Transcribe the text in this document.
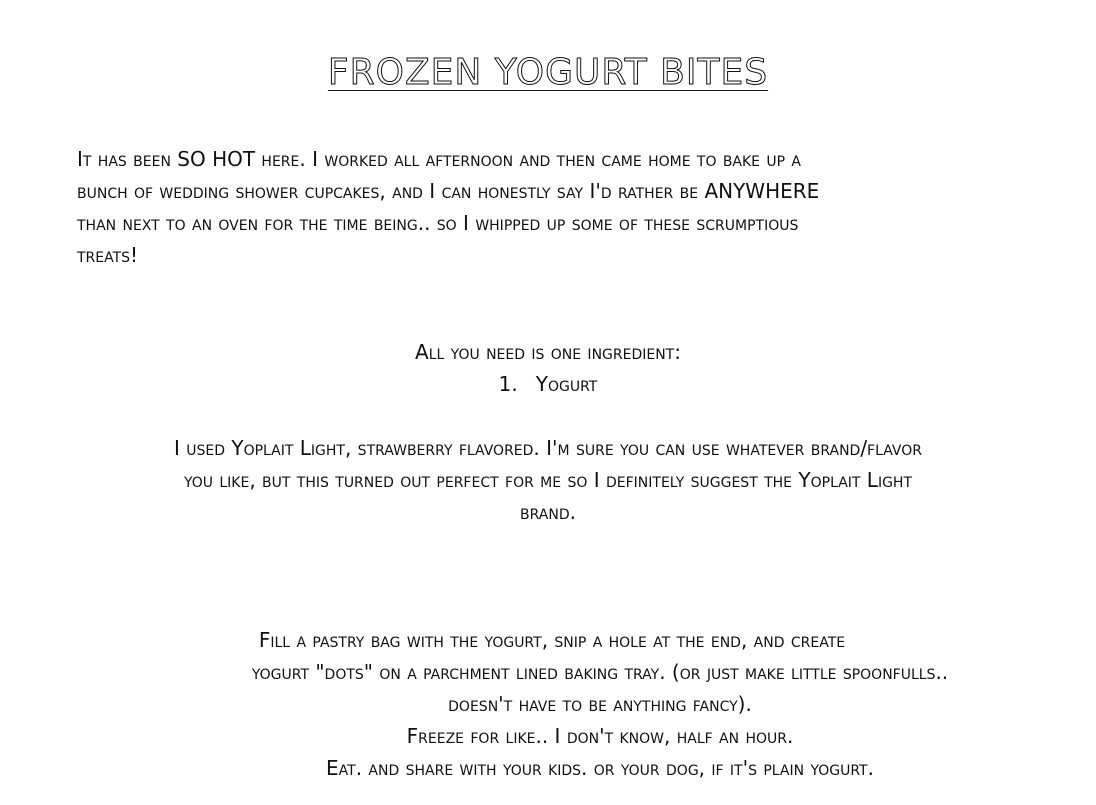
FROZEN YOGURT BITES
It has been SO HOT here. I worked all afternoon and then came home to bake up a
bunch of wedding shower cupcakes, and I can honestly say I'd rather be ANYWHERE
than next to an oven for the time being.. so I whipped up some of these scrumptious
treats!
All you need is one ingredient:
1. Yogurt
I used Yoplait Light, strawberry flavored. I'm sure you can use whatever brand/flavor
you like, but this turned out perfect for me so I definitely suggest the Yoplait Light
brand.
Fill a pastry bag with the yogurt, snip a hole at the end, and create
yogurt "dots" on a parchment lined baking tray. (or just make little spoonfulls..
doesn't have to be anything fancy).
Freeze for like.. I don't know, half an hour.
Eat. and share with your kids. or your dog, if it's plain yogurt.
